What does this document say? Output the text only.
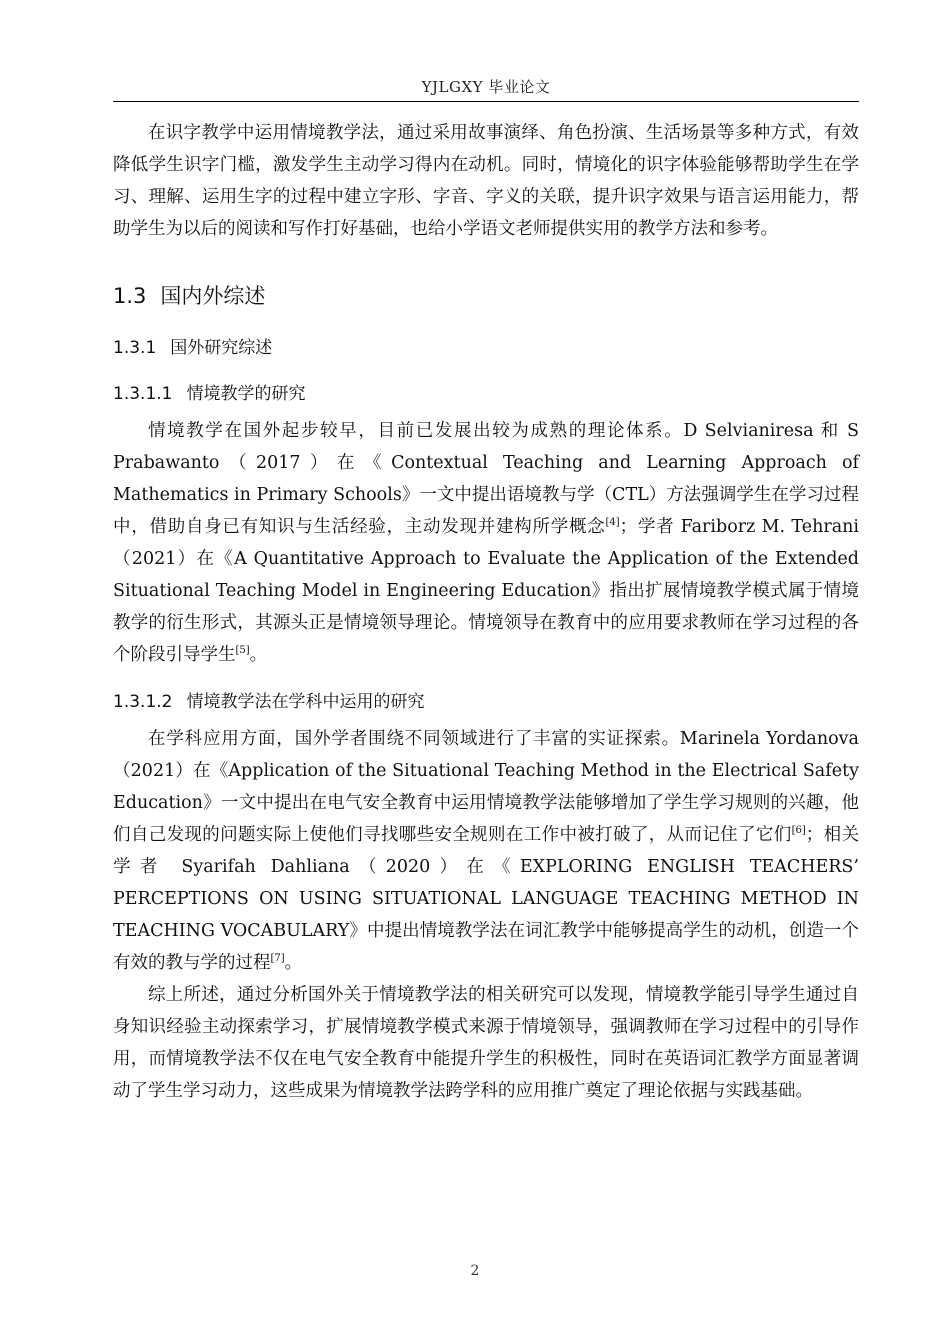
YJLGXY 毕业论文

在识字教学中运用情境教学法，通过采用故事演绎、角色扮演、生活场景等多种方式，有效降低学生识字门槛，激发学生主动学习得内在动机。同时，情境化的识字体验能够帮助学生在学习、理解、运用生字的过程中建立字形、字音、字义的关联，提升识字效果与语言运用能力，帮助学生为以后的阅读和写作打好基础，也给小学语文老师提供实用的教学方法和参考。

1.3 国内外综述
1.3.1 国外研究综述
1.3.1.1 情境教学的研究

情境教学在国外起步较早，目前已发展出较为成熟的理论体系。D Selvianiresa 和 S Prabawanto（2017）在《Contextual Teaching and Learning Approach of Mathematics in Primary Schools》一文中提出语境教与学（CTL）方法强调学生在学习过程中，借助自身已有知识与生活经验，主动发现并建构所学概念[4]；学者 Fariborz M. Tehrani（2021）在《A Quantitative Approach to Evaluate the Application of the Extended Situational Teaching Model in Engineering Education》指出扩展情境教学模式属于情境教学的衍生形式，其源头正是情境领导理论。情境领导在教育中的应用要求教师在学习过程的各个阶段引导学生[5]。

1.3.1.2 情境教学法在学科中运用的研究

在学科应用方面，国外学者围绕不同领域进行了丰富的实证探索。Marinela Yordanova（2021）在《Application of the Situational Teaching Method in the Electrical Safety Education》一文中提出在电气安全教育中运用情境教学法能够增加了学生学习规则的兴趣，他们自己发现的问题实际上使他们寻找哪些安全规则在工作中被打破了，从而记住了它们[6]；相关学者 Syarifah Dahliana（2020）在《EXPLORING ENGLISH TEACHERS’ PERCEPTIONS ON USING SITUATIONAL LANGUAGE TEACHING METHOD IN TEACHING VOCABULARY》中提出情境教学法在词汇教学中能够提高学生的动机，创造一个有效的教与学的过程[7]。

综上所述，通过分析国外关于情境教学法的相关研究可以发现，情境教学能引导学生通过自身知识经验主动探索学习，扩展情境教学模式来源于情境领导，强调教师在学习过程中的引导作用，而情境教学法不仅在电气安全教育中能提升学生的积极性，同时在英语词汇教学方面显著调动了学生学习动力，这些成果为情境教学法跨学科的应用推广奠定了理论依据与实践基础。

2
